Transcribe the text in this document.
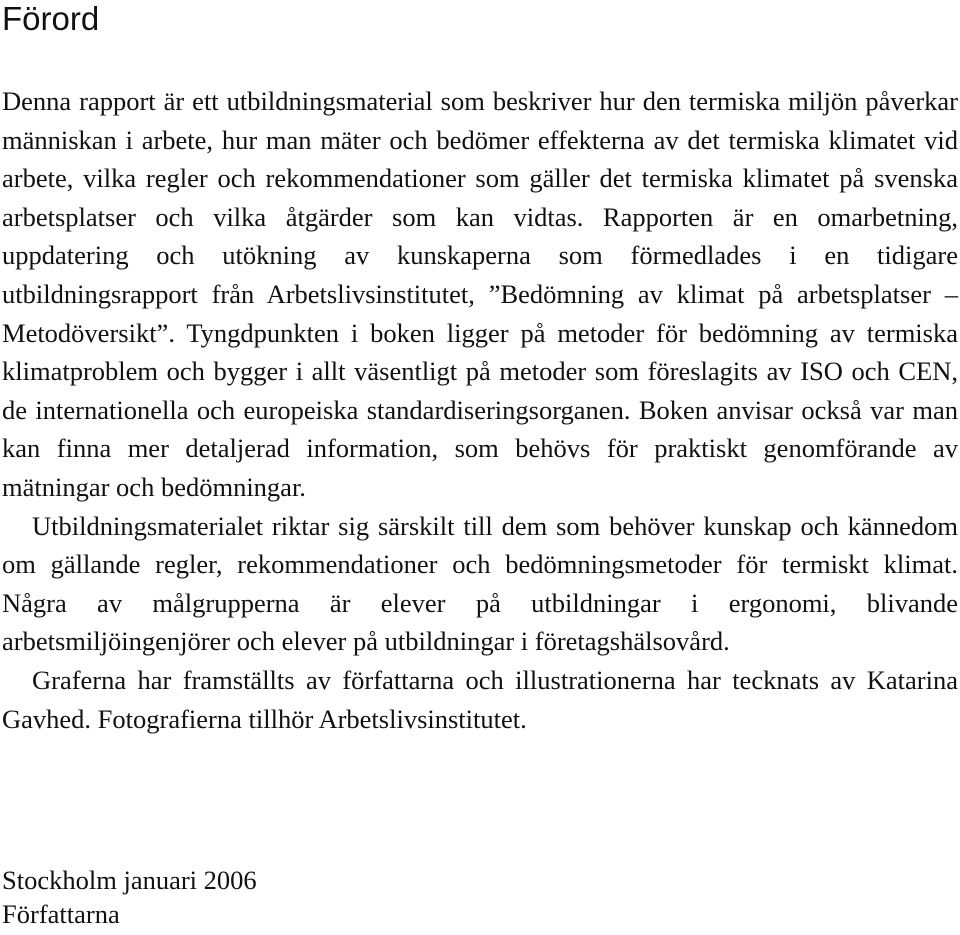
Förord

Denna rapport är ett utbildningsmaterial som beskriver hur den termiska miljön påverkar människan i arbete, hur man mäter och bedömer effekterna av det termiska klimatet vid arbete, vilka regler och rekommendationer som gäller det termiska klimatet på svenska arbetsplatser och vilka åtgärder som kan vidtas. Rapporten är en omarbetning, uppdatering och utökning av kunskaperna som förmedlades i en tidigare utbildningsrapport från Arbetslivsinstitutet, ”Bedömning av klimat på arbetsplatser – Metodöversikt”. Tyngdpunkten i boken ligger på metoder för bedömning av termiska klimatproblem och bygger i allt väsentligt på metoder som föreslagits av ISO och CEN, de internationella och europeiska standardiseringsorganen. Boken anvisar också var man kan finna mer detaljerad information, som behövs för praktiskt genomförande av mätningar och bedömningar.

Utbildningsmaterialet riktar sig särskilt till dem som behöver kunskap och kännedom om gällande regler, rekommendationer och bedömningsmetoder för termiskt klimat. Några av målgrupperna är elever på utbildningar i ergonomi, blivande arbetsmiljöingenjörer och elever på utbildningar i företagshälsovård.

Graferna har framställts av författarna och illustrationerna har tecknats av Katarina Gavhed. Fotografierna tillhör Arbetslivsinstitutet.

Stockholm januari 2006
Författarna
